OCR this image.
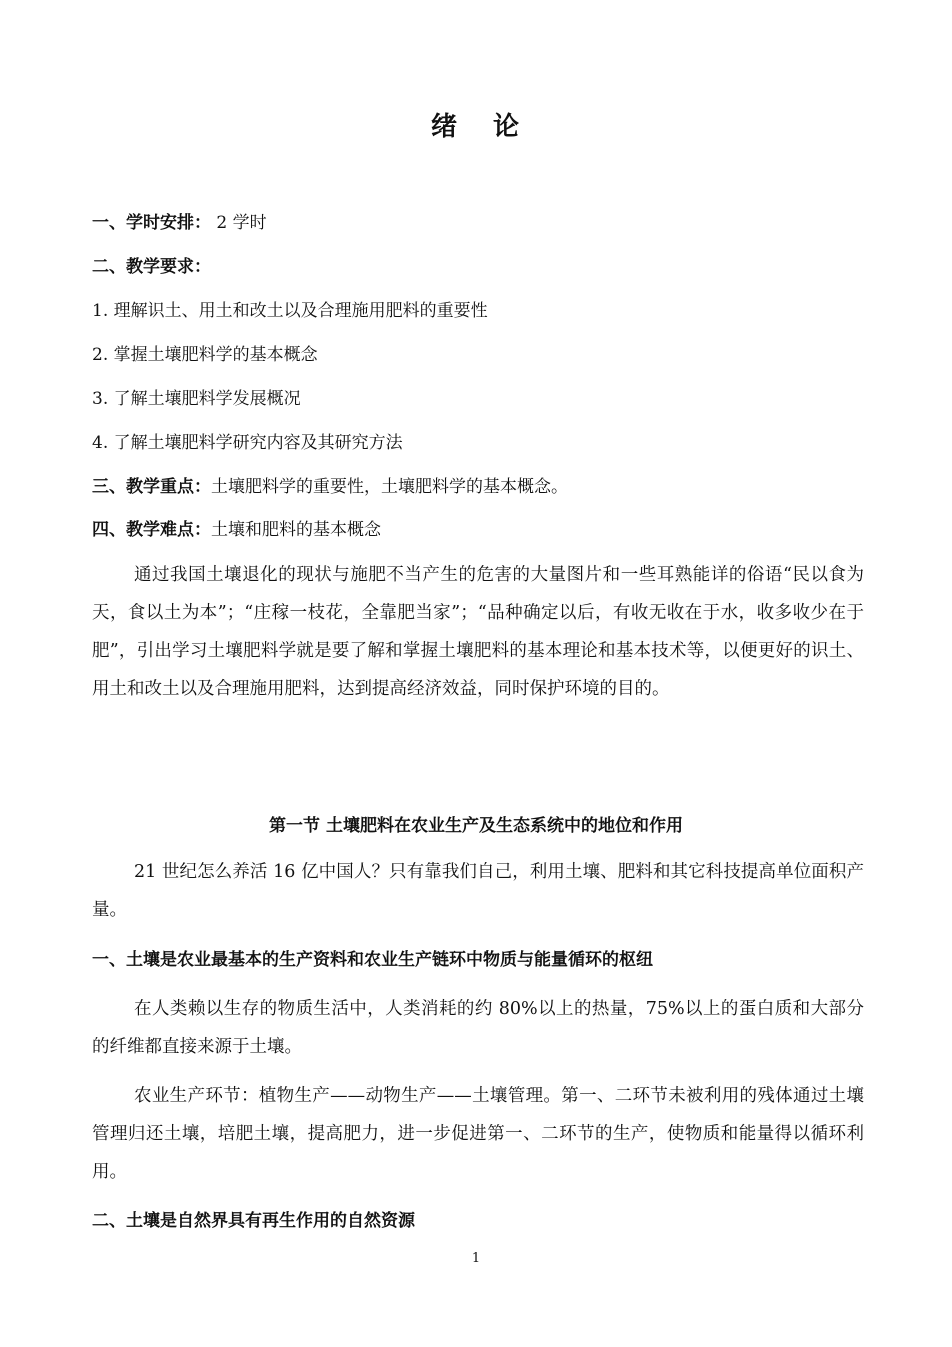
绪 论
一、学时安排： 2 学时
二、教学要求：
1. 理解识土、用土和改土以及合理施用肥料的重要性
2. 掌握土壤肥料学的基本概念
3. 了解土壤肥料学发展概况
4. 了解土壤肥料学研究内容及其研究方法
三、教学重点：土壤肥料学的重要性，土壤肥料学的基本概念。
四、教学难点：土壤和肥料的基本概念
通过我国土壤退化的现状与施肥不当产生的危害的大量图片和一些耳熟能详的俗语“民以食为天，食以土为本”；“庄稼一枝花，全靠肥当家”；“品种确定以后，有收无收在于水，收多收少在于肥”，引出学习土壤肥料学就是要了解和掌握土壤肥料的基本理论和基本技术等，以便更好的识土、用土和改土以及合理施用肥料，达到提高经济效益，同时保护环境的目的。
第一节 土壤肥料在农业生产及生态系统中的地位和作用
21 世纪怎么养活 16 亿中国人？只有靠我们自己，利用土壤、肥料和其它科技提高单位面积产量。
一、土壤是农业最基本的生产资料和农业生产链环中物质与能量循环的枢纽
在人类赖以生存的物质生活中，人类消耗的约 80%以上的热量，75%以上的蛋白质和大部分的纤维都直接来源于土壤。
农业生产环节：植物生产——动物生产——土壤管理。第一、二环节未被利用的残体通过土壤管理归还土壤，培肥土壤，提高肥力，进一步促进第一、二环节的生产，使物质和能量得以循环利用。
二、土壤是自然界具有再生作用的自然资源
1
